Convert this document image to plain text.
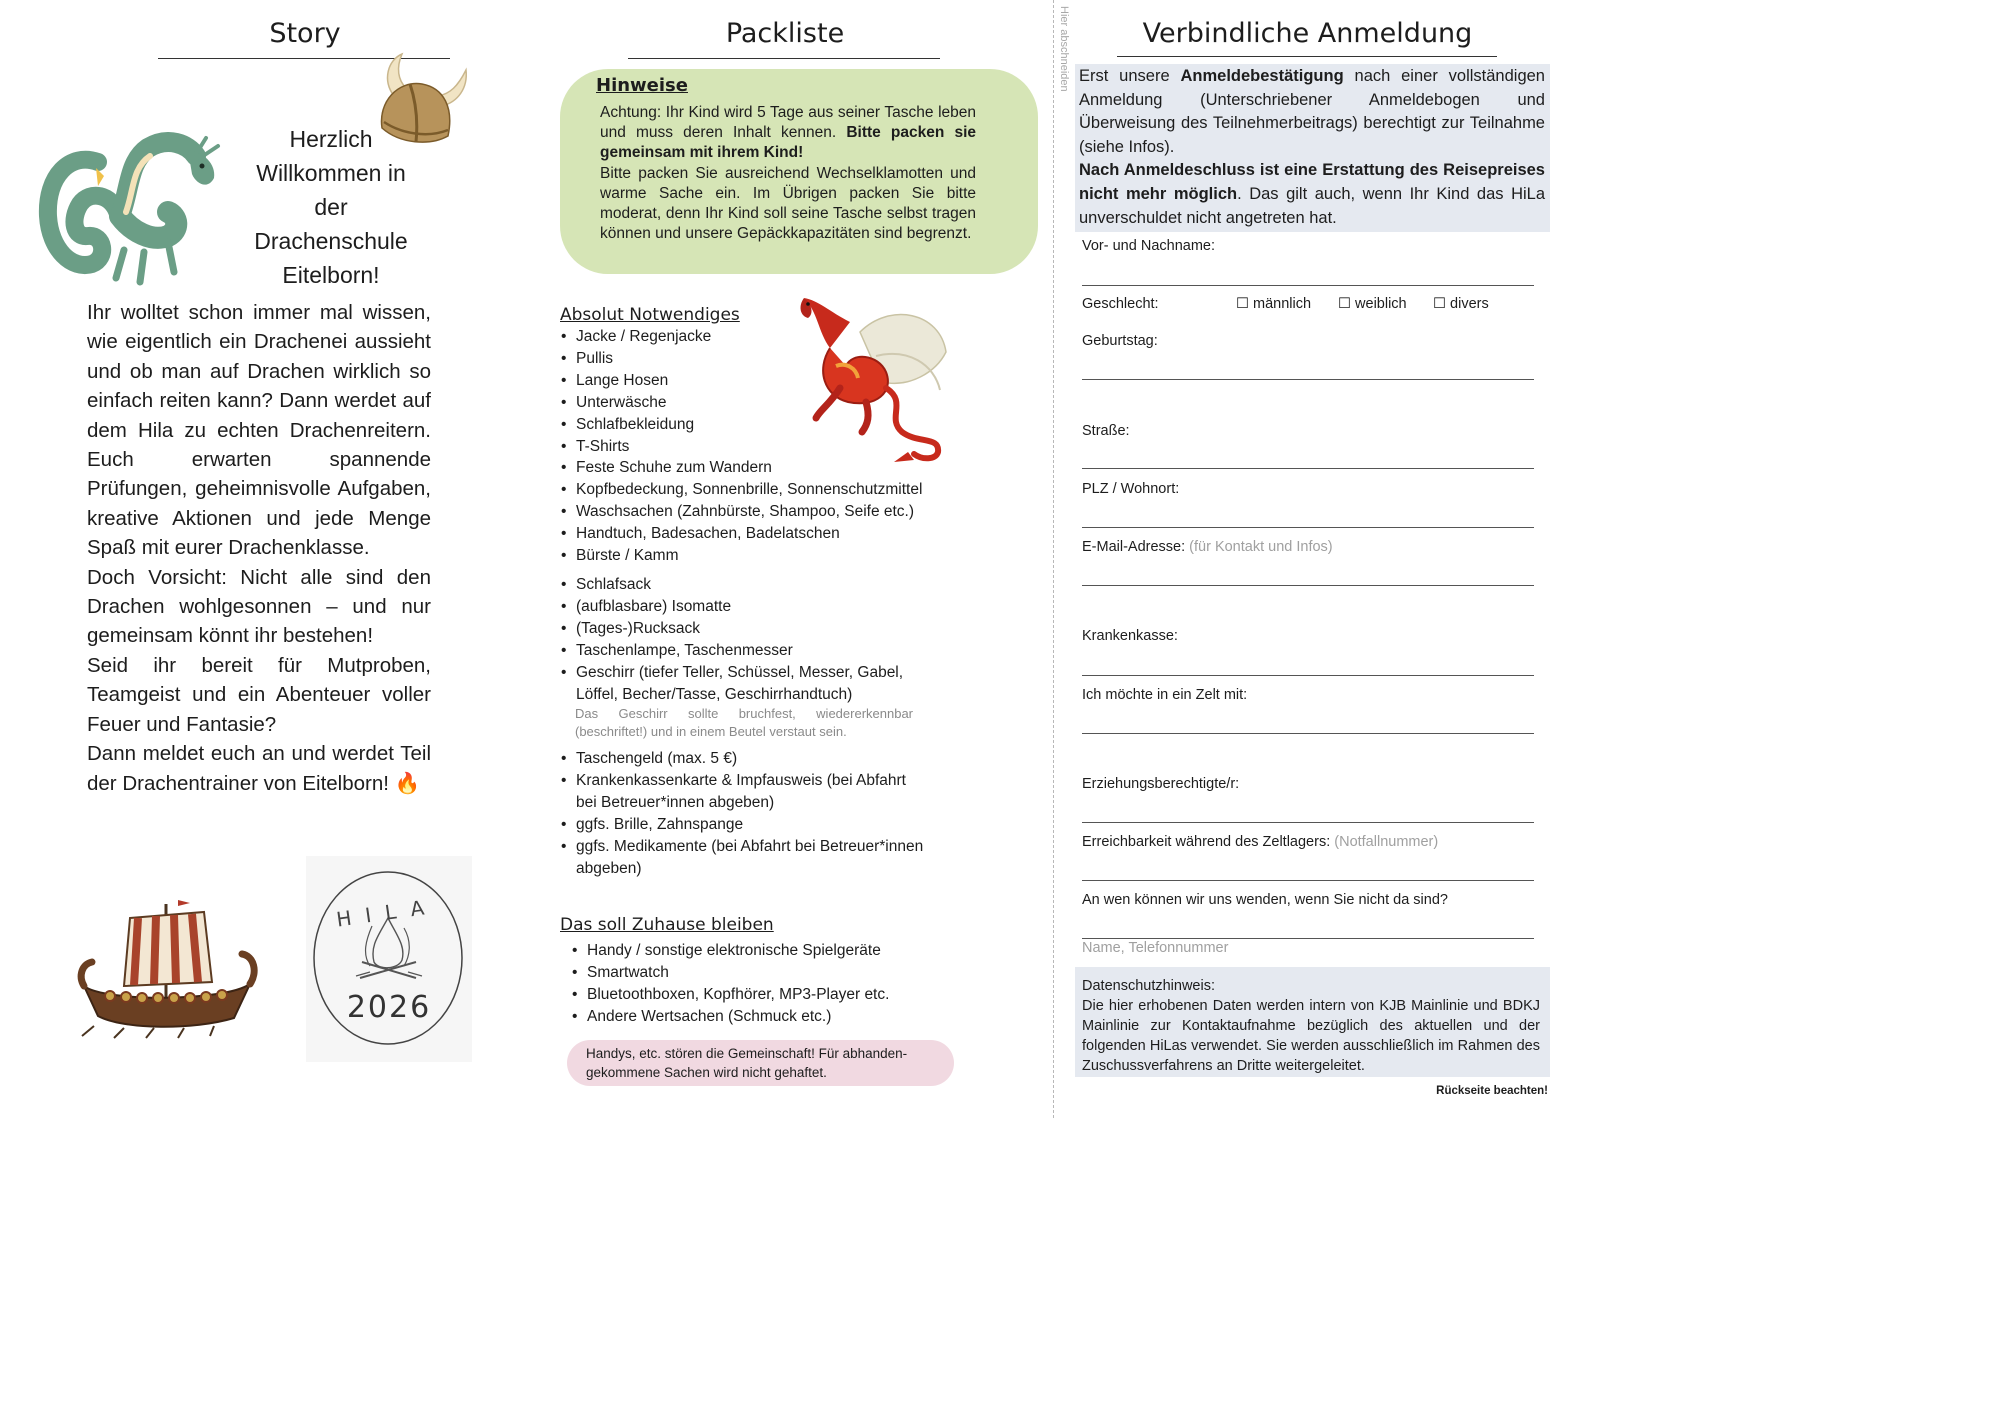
Story
Herzlich Willkommen in der Drachenschule Eitelborn!

Ihr wolltet schon immer mal wissen, wie eigentlich ein Drachenei aussieht und ob man auf Drachen wirklich so einfach reiten kann? Dann werdet auf dem Hila zu echten Drachenreitern. Euch erwarten spannende Prüfungen, geheimnisvolle Aufgaben, kreative Aktionen und jede Menge Spaß mit eurer Drachenklasse.

Doch Vorsicht: Nicht alle sind den Drachen wohlgesonnen – und nur gemeinsam könnt ihr bestehen!

Seid ihr bereit für Mutproben, Teamgeist und ein Abenteuer voller Feuer und Fantasie?

Dann meldet euch an und werdet Teil der Drachentrainer von Eitelborn! 🔥

HILA
2026
Packliste
Hinweise

Achtung: Ihr Kind wird 5 Tage aus seiner Tasche leben und muss deren Inhalt kennen. Bitte packen sie gemeinsam mit ihrem Kind!

Bitte packen Sie ausreichend Wechselklamotten und warme Sache ein. Im Übrigen packen Sie bitte moderat, denn Ihr Kind soll seine Tasche selbst tragen können und unsere Gepäckkapazitäten sind begrenzt.

Absolut Notwendiges
• Jacke / Regenjacke
• Pullis
• Lange Hosen
• Unterwäsche
• Schlafbekleidung
• T-Shirts
• Feste Schuhe zum Wandern
• Kopfbedeckung, Sonnenbrille, Sonnenschutzmittel
• Waschsachen (Zahnbürste, Shampoo, Seife etc.)
• Handtuch, Badesachen, Badelatschen
• Bürste / Kamm
• Schlafsack
• (aufblasbare) Isomatte
• (Tages-)Rucksack
• Taschenlampe, Taschenmesser
• Geschirr (tiefer Teller, Schüssel, Messer, Gabel, Löffel, Becher/Tasse, Geschirrhandtuch)
Das Geschirr sollte bruchfest, wiedererkennbar (beschriftet!) und in einem Beutel verstaut sein.
• Taschengeld (max. 5 €)
• Krankenkassenkarte & Impfausweis (bei Abfahrt bei Betreuer*innen abgeben)
• ggfs. Brille, Zahnspange
• ggfs. Medikamente (bei Abfahrt bei Betreuer*innen abgeben)
Das soll Zuhause bleiben
• Handy / sonstige elektronische Spielgeräte
• Smartwatch
• Bluetoothboxen, Kopfhörer, MP3-Player etc.
• Andere Wertsachen (Schmuck etc.)
Handys, etc. stören die Gemeinschaft! Für abhanden-gekommene Sachen wird nicht gehaftet.
Hier abschneiden	Verbindliche Anmeldung

Erst unsere Anmeldebestätigung nach einer vollständigen Anmeldung (Unterschriebener Anmeldebogen und Überweisung des Teilnehmerbeitrags) berechtigt zur Teilnahme (siehe Infos).

Nach Anmeldeschluss ist eine Erstattung des Reisepreises nicht mehr möglich. Das gilt auch, wenn Ihr Kind das HiLa unverschuldet nicht angetreten hat.

Vor- und Nachname:
Geschlecht:	☐ männlich ☐ weiblich ☐ divers
Geburtstag:
Straße:
PLZ / Wohnort:
E-Mail-Adresse: (für Kontakt und Infos)
Krankenkasse:
Ich möchte in ein Zelt mit:
Erziehungsberechtigte/r:
Erreichbarkeit während des Zeltlagers: (Notfallnummer)
An wen können wir uns wenden, wenn Sie nicht da sind?
Name, Telefonnummer
Datenschutzhinweis:
Die hier erhobenen Daten werden intern von KJB Mainlinie und BDKJ Mainlinie zur Kontaktaufnahme bezüglich des aktuellen und der folgenden HiLas verwendet. Sie werden ausschließlich im Rahmen des Zuschussverfahrens an Dritte weitergeleitet.
Rückseite beachten!
